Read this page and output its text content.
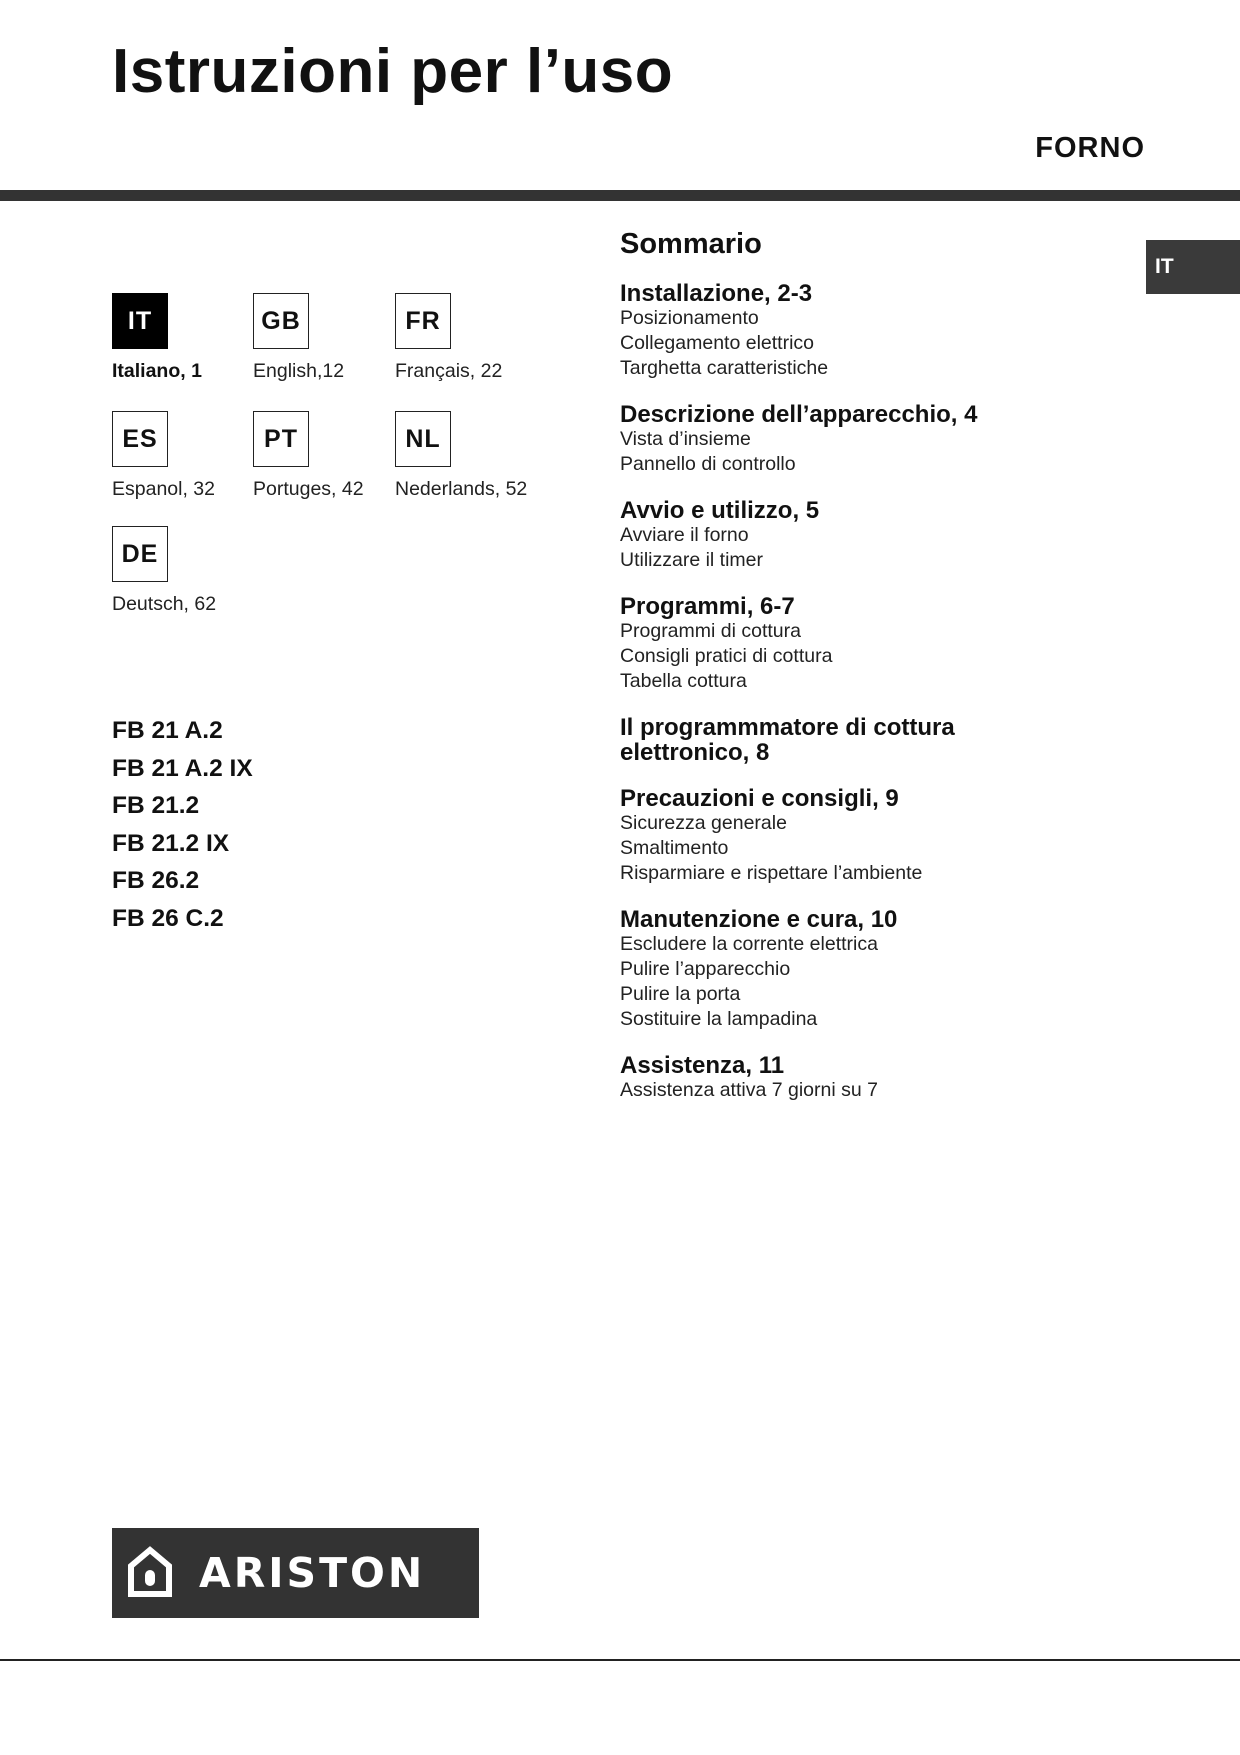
Istruzioni per l’uso
FORNO
IT
IT
Italiano, 1
GB
English,12
FR
Français, 22
ES
Espanol, 32
PT
Portuges, 42
NL
Nederlands, 52
DE
Deutsch, 62
FB 21 A.2
FB 21 A.2 IX
FB 21.2
FB 21.2 IX
FB 26.2
FB 26 C.2
Sommario
Installazione, 2-3
Posizionamento
Collegamento elettrico
Targhetta caratteristiche
Descrizione dell’apparecchio, 4
Vista d’insieme
Pannello di controllo
Avvio e utilizzo, 5
Avviare il forno
Utilizzare il timer
Programmi, 6-7
Programmi di cottura
Consigli pratici di cottura
Tabella cottura
Il programmmatore di cottura
elettronico, 8
Precauzioni e consigli, 9
Sicurezza generale
Smaltimento
Risparmiare e rispettare l’ambiente
Manutenzione e cura, 10
Escludere la corrente elettrica
Pulire l’apparecchio
Pulire la porta
Sostituire la lampadina
Assistenza, 11
Assistenza attiva 7 giorni su 7
ARISTON
